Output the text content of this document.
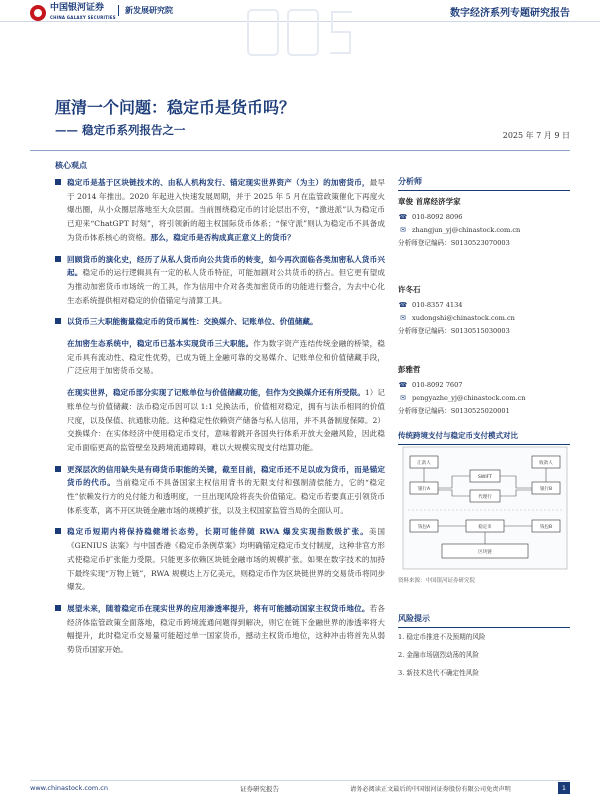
中国银河证券
CHINA GALAXY SECURITIES
新发展研究院	数字经济系列专题研究报告
厘清一个问题：稳定币是货币吗？
—— 稳定币系列报告之一	2025 年 7 月 9 日
核心观点
稳定币是基于区块链技术的、由私人机构发行、锚定现实世界资产（为主）的加密货币，最早于 2014 年推出。2020 年起进入快速发展周期，并于 2025 年 5 月在监管政策催化下再度火爆出圈，从小众圈层落地至大众层面。当前围绕稳定币的讨论层出不穷，“激进派”认为稳定币已迎来“ChatGPT 时刻”，将引领新的超主权国际货币体系；“保守派”则认为稳定币不具备成为货币体系核心的资格。那么，稳定币是否构成真正意义上的货币？
回顾货币的演化史，经历了从私人货币向公共货币的转变，如今再次面临各类加密私人货币兴起。稳定币的运行逻辑具有一定的私人货币特征，可能加剧对公共货币的挤占。但它更有望成为推动加密货币市场统一的工具，作为信用中介对各类加密货币的功能进行整合，为去中心化生态系统提供相对稳定的价值锚定与清算工具。
以货币三大职能衡量稳定币的货币属性：交换媒介、记账单位、价值储藏。
在加密生态系统中，稳定币已基本实现货币三大职能。作为数字资产连结传统金融的桥梁，稳定币具有流动性、稳定性优势，已成为链上金融可靠的交易媒介、记账单位和价值储藏手段，广泛应用于加密货币交易。
在现实世界，稳定币部分实现了记账单位与价值储藏功能，但作为交换媒介还有所受限。1）记账单位与价值储藏：法币稳定币因可以 1:1 兑换法币，价值相对稳定，拥有与法币相同的价值尺度，以及保值、抗通胀功能。这种稳定性依赖资产储备与私人信用，并不具备制度保障。2）交换媒介：在实体经济中使用稳定币支付，意味着跳开各国央行体系开放大金融风险，因此稳定币面临更高的监管壁垒及跨境流通障碍，难以大规模实现支付结算功能。
更深层次的信用缺失是有碍货币职能的关键，截至目前，稳定币还不足以成为货币，而是锚定货币的代币。当前稳定币不具备国家主权信用背书的无限支付和强制清偿能力，它的“稳定性”依赖发行方的兑付能力和透明度，一旦出现风险将丧失价值锚定。稳定币若要真正引领货币体系变革，离不开区块链金融市场的规模扩张，以及主权国家监管当局的全面认可。
稳定币短期内将保持稳健增长态势，长期可能伴随 RWA 爆发实现指数级扩张。美国《GENIUS 法案》与中国香港《稳定币条例草案》均明确锚定稳定币支付制度，这种非官方形式使稳定币扩张能力受限。只能更多依赖区块链金融市场的规模扩张。如果在数字技术的加持下最终实现“万物上链”，RWA 规模达上万亿美元，则稳定币作为区块链世界的交易货币将同步爆发。
展望未来，随着稳定币在现实世界的应用渗透率提升，将有可能撼动国家主权货币地位。若各经济体监管政策全面落地，稳定币跨境流通问题得到解决，则它在链下金融世界的渗透率将大幅提升，此时稳定币交易量可能超过单一国家货币，撼动主权货币地位，这种冲击将首先从弱势货币国家开始。
分析师
章俊 首席经济学家
☎ 010-8092 8096
✉ zhangjun_yj@chinastock.com.cn
分析师登记编码：S0130523070003
许冬石
☎ 010-8357 4134
✉ xudongshi@chinastock.com.cn
分析师登记编码：S0130515030003
彭雅哲
☎ 010-8092 7607
✉ pengyazhe_yj@chinastock.com.cn
分析师登记编码：S0130525020001
传统跨境支付与稳定币支付模式对比
汇款人	收款人
银行A	银行B
SWIFT
代理行
钱包A	钱包B
稳定币
区块链
资料来源：中国银河证券研究院
风险提示
1. 稳定币推进不及预期的风险
2. 金融市场剧烈动荡的风险
3. 新技术迭代不确定性风险
www.chinastock.com.cn	证券研究报告	请务必阅读正文最后的中国银河证券股份有限公司免责声明	1
